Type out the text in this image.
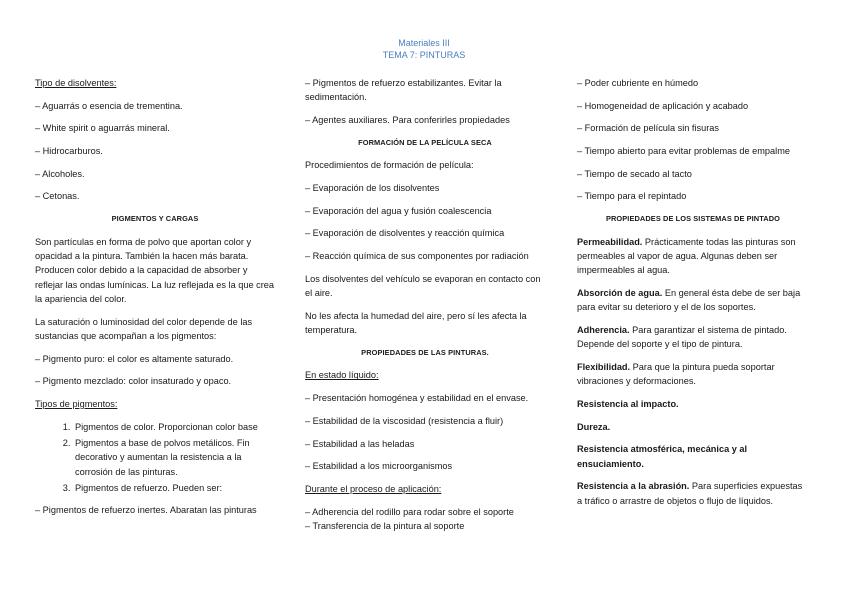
Materiales III
TEMA 7: PINTURAS

Tipo de disolventes:

– Aguarrás o esencia de trementina.

– White spirit o aguarrás mineral.

– Hidrocarburos.

– Alcoholes.

– Cetonas.

PIGMENTOS Y CARGAS

Son partículas en forma de polvo que aportan color y opacidad a la pintura. También la hacen más barata. Producen color debido a la capacidad de absorber y reflejar las ondas lumínicas. La luz reflejada es la que crea la apariencia del color.

La saturación o luminosidad del color depende de las sustancias que acompañan a los pigmentos:

– Pigmento puro: el color es altamente saturado.

– Pigmento mezclado: color insaturado y opaco.

Tipos de pigmentos:

1. Pigmentos de color. Proporcionan color base
2. Pigmentos a base de polvos metálicos. Fin decorativo y aumentan la resistencia a la corrosión de las pinturas.
3. Pigmentos de refuerzo. Pueden ser:

– Pigmentos de refuerzo inertes. Abaratan las pinturas

– Pigmentos de refuerzo estabilizantes. Evitar la sedimentación.

– Agentes auxiliares. Para conferirles propiedades

FORMACIÓN DE LA PELÍCULA SECA

Procedimientos de formación de película:

– Evaporación de los disolventes

– Evaporación del agua y fusión coalescencia

– Evaporación de disolventes y reacción química

– Reacción química de sus componentes por radiación

Los disolventes del vehículo se evaporan en contacto con el aire.

No les afecta la humedad del aire, pero sí les afecta la temperatura.

PROPIEDADES DE LAS PINTURAS.

En estado líquido:

– Presentación homogénea y estabilidad en el envase.

– Estabilidad de la viscosidad (resistencia a fluir)

– Estabilidad a las heladas

– Estabilidad a los microorganismos

Durante el proceso de aplicación:

– Adherencia del rodillo para rodar sobre el soporte

– Transferencia de la pintura al soporte

– Poder cubriente en húmedo

– Homogeneidad de aplicación y acabado

– Formación de película sin fisuras

– Tiempo abierto para evitar problemas de empalme

– Tiempo de secado al tacto

– Tiempo para el repintado

PROPIEDADES DE LOS SISTEMAS DE PINTADO

Permeabilidad. Prácticamente todas las pinturas son permeables al vapor de agua. Algunas deben ser impermeables al agua.

Absorción de agua. En general ésta debe de ser baja para evitar su deterioro y el de los soportes.

Adherencia. Para garantizar el sistema de pintado. Depende del soporte y el tipo de pintura.

Flexibilidad. Para que la pintura pueda soportar vibraciones y deformaciones.

Resistencia al impacto.

Dureza.

Resistencia atmosférica, mecánica y al ensuciamiento.

Resistencia a la abrasión. Para superficies expuestas a tráfico o arrastre de objetos o flujo de líquidos.
